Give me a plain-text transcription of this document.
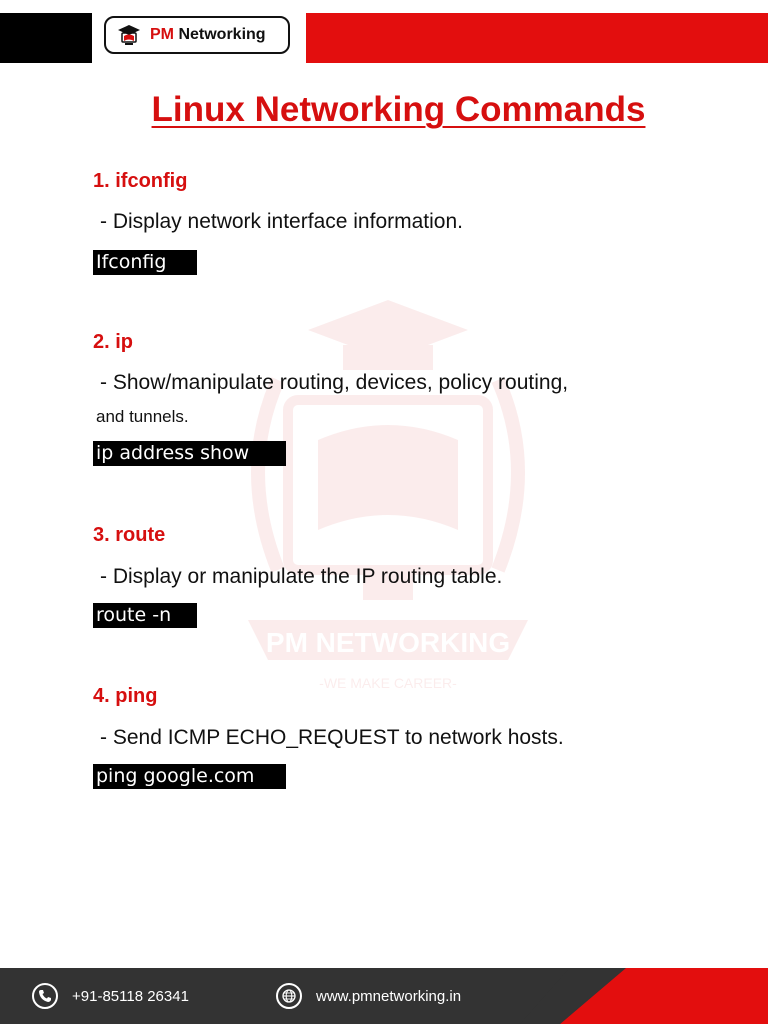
PM Networking
Linux Networking Commands
PM NETWORKING
-WE MAKE CAREER-
1. ifconfig
- Display network interface information.
Ifconfig
2. ip
- Show/manipulate routing, devices, policy routing,
and tunnels.
ip address show
3. route
- Display or manipulate the IP routing table.
route -n
4. ping
- Send ICMP ECHO_REQUEST to network hosts.
ping google.com
+91-85118 26341	www.pmnetworking.in
